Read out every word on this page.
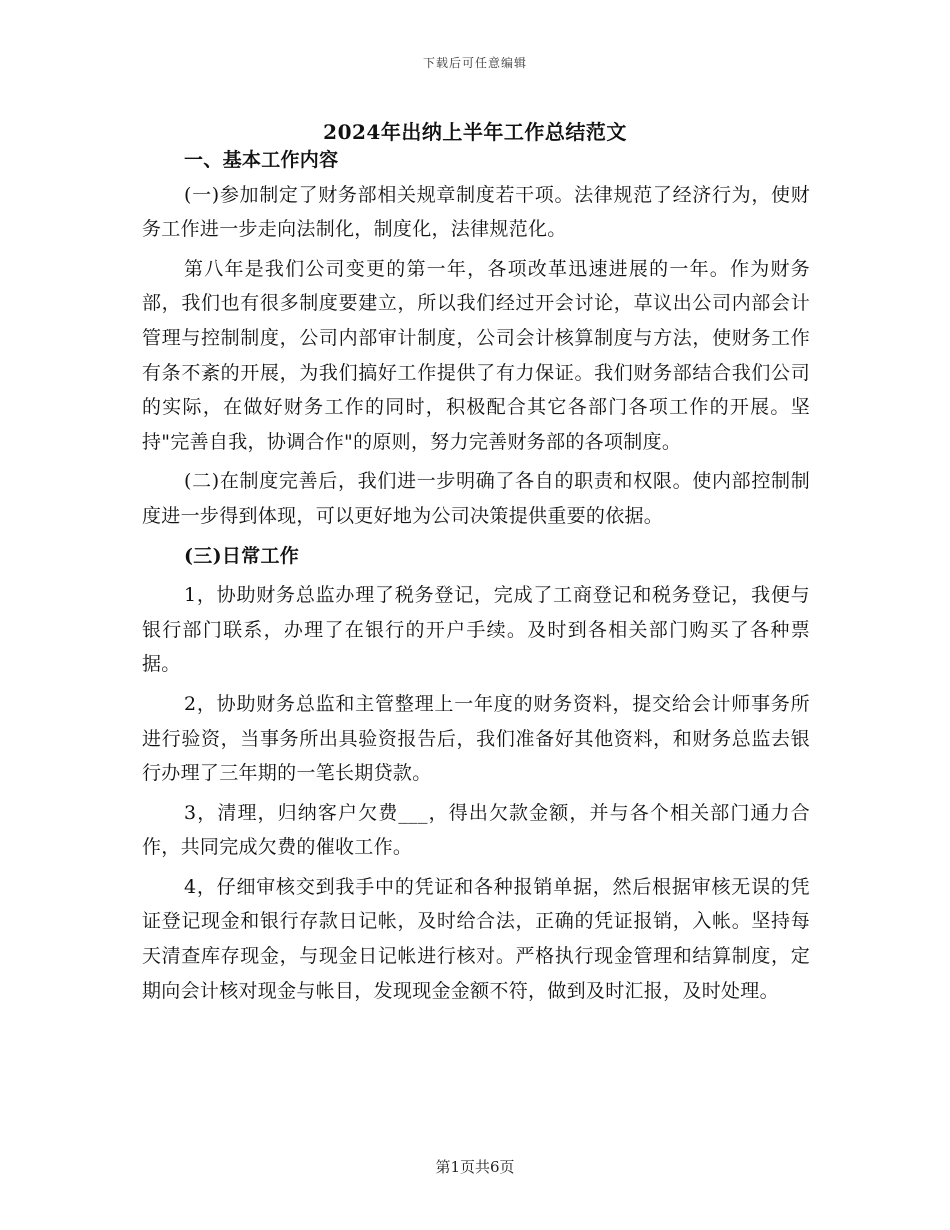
下载后可任意编辑
2024年出纳上半年工作总结范文

一、基本工作内容

(一)参加制定了财务部相关规章制度若干项。法律规范了经济行为，使财务工作进一步走向法制化，制度化，法律规范化。

第八年是我们公司变更的第一年，各项改革迅速进展的一年。作为财务部，我们也有很多制度要建立，所以我们经过开会讨论，草议出公司内部会计管理与控制制度，公司内部审计制度，公司会计核算制度与方法，使财务工作有条不紊的开展，为我们搞好工作提供了有力保证。我们财务部结合我们公司的实际，在做好财务工作的同时，积极配合其它各部门各项工作的开展。坚持"完善自我，协调合作"的原则，努力完善财务部的各项制度。

(二)在制度完善后，我们进一步明确了各自的职责和权限。使内部控制制度进一步得到体现，可以更好地为公司决策提供重要的依据。

(三)日常工作

1，协助财务总监办理了税务登记，完成了工商登记和税务登记，我便与银行部门联系，办理了在银行的开户手续。及时到各相关部门购买了各种票据。

2，协助财务总监和主管整理上一年度的财务资料，提交给会计师事务所进行验资，当事务所出具验资报告后，我们准备好其他资料，和财务总监去银行办理了三年期的一笔长期贷款。

3，清理，归纳客户欠费___，得出欠款金额，并与各个相关部门通力合作，共同完成欠费的催收工作。

4，仔细审核交到我手中的凭证和各种报销单据，然后根据审核无误的凭证登记现金和银行存款日记帐，及时给合法，正确的凭证报销，入帐。坚持每天清查库存现金，与现金日记帐进行核对。严格执行现金管理和结算制度，定期向会计核对现金与帐目，发现现金金额不符，做到及时汇报，及时处理。

第1页共6页
